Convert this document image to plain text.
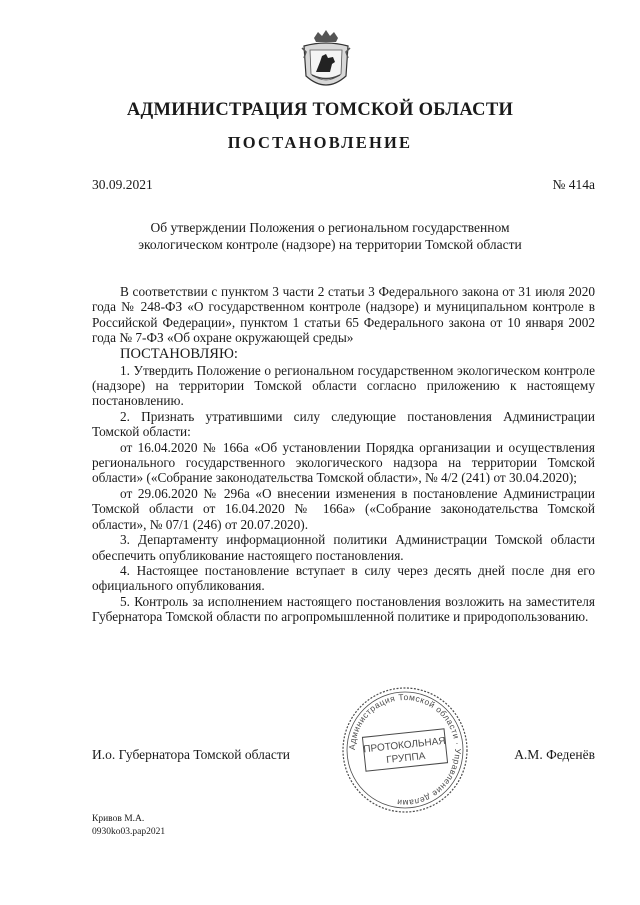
АДМИНИСТРАЦИЯ ТОМСКОЙ ОБЛАСТИ
ПОСТАНОВЛЕНИЕ
30.09.2021	№ 414а
Об утверждении Положения о региональном государственном
экологическом контроле (надзоре) на территории Томской области

В соответствии с пунктом 3 части 2 статьи 3 Федерального закона от 31 июля 2020 года № 248-ФЗ «О государственном контроле (надзоре) и муниципальном контроле в Российской Федерации», пунктом 1 статьи 65 Федерального закона от 10 января 2002 года № 7-ФЗ «Об охране окружающей среды»

ПОСТАНОВЛЯЮ:

1. Утвердить Положение о региональном государственном экологическом контроле (надзоре) на территории Томской области согласно приложению к настоящему постановлению.

2. Признать утратившими силу следующие постановления Администрации Томской области:

от 16.04.2020 № 166а «Об установлении Порядка организации и осуществления регионального государственного экологического надзора на территории Томской области» («Собрание законодательства Томской области», № 4/2 (241) от 30.04.2020);

от 29.06.2020 № 296а «О внесении изменения в постановление Администрации Томской области от 16.04.2020 № 166а» («Собрание законодательства Томской области», № 07/1 (246) от 20.07.2020).

3. Департаменту информационной политики Администрации Томской области обеспечить опубликование настоящего постановления.

4. Настоящее постановление вступает в силу через десять дней после дня его официального опубликования.

5. Контроль за исполнением настоящего постановления возложить на заместителя Губернатора Томской области по агропромышленной политике и природопользованию.

Администрация Томской области · Управление делами
ПРОТОКОЛЬНАЯ
ГРУППА
И.о. Губернатора Томской области	А.М. Феденёв
Кривов М.А.
0930ko03.pap2021
